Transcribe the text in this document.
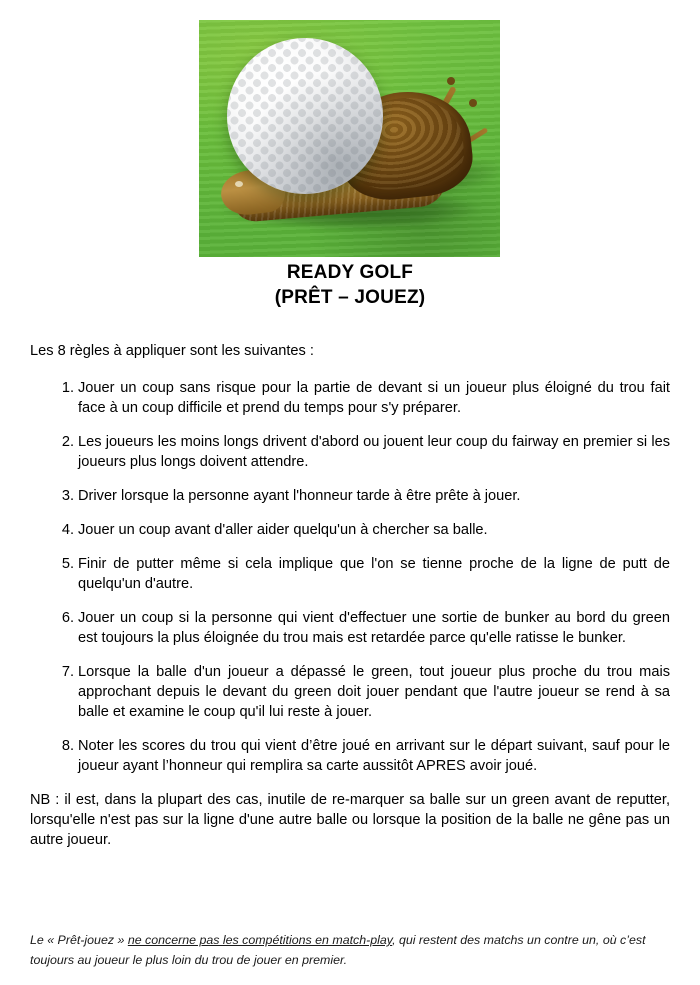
READY GOLF
(PRÊT – JOUEZ)

Les 8 règles à appliquer sont les suivantes :

1. Jouer un coup sans risque pour la partie de devant si un joueur plus éloigné du trou fait face à un coup difficile et prend du temps pour s'y préparer.
2. Les joueurs les moins longs drivent d'abord ou jouent leur coup du fairway en premier si les joueurs plus longs doivent attendre.
3. Driver lorsque la personne ayant l'honneur tarde à être prête à jouer.
4. Jouer un coup avant d'aller aider quelqu'un à chercher sa balle.
5. Finir de putter même si cela implique que l'on se tienne proche de la ligne de putt de quelqu'un d'autre.
6. Jouer un coup si la personne qui vient d'effectuer une sortie de bunker au bord du green est toujours la plus éloignée du trou mais est retardée parce qu'elle ratisse le bunker.
7. Lorsque la balle d'un joueur a dépassé le green, tout joueur plus proche du trou mais approchant depuis le devant du green doit jouer pendant que l'autre joueur se rend à sa balle et examine le coup qu'il lui reste à jouer.
8. Noter les scores du trou qui vient d’être joué en arrivant sur le départ suivant, sauf pour le joueur ayant l’honneur qui remplira sa carte aussitôt APRES avoir joué.

NB : il est, dans la plupart des cas, inutile de re-marquer sa balle sur un green avant de reputter, lorsqu'elle n'est pas sur la ligne d'une autre balle ou lorsque la position de la balle ne gêne pas un autre joueur.

Le « Prêt-jouez » ne concerne pas les compétitions en match-play, qui restent des matchs un contre un, où c’est toujours au joueur le plus loin du trou de jouer en premier.
